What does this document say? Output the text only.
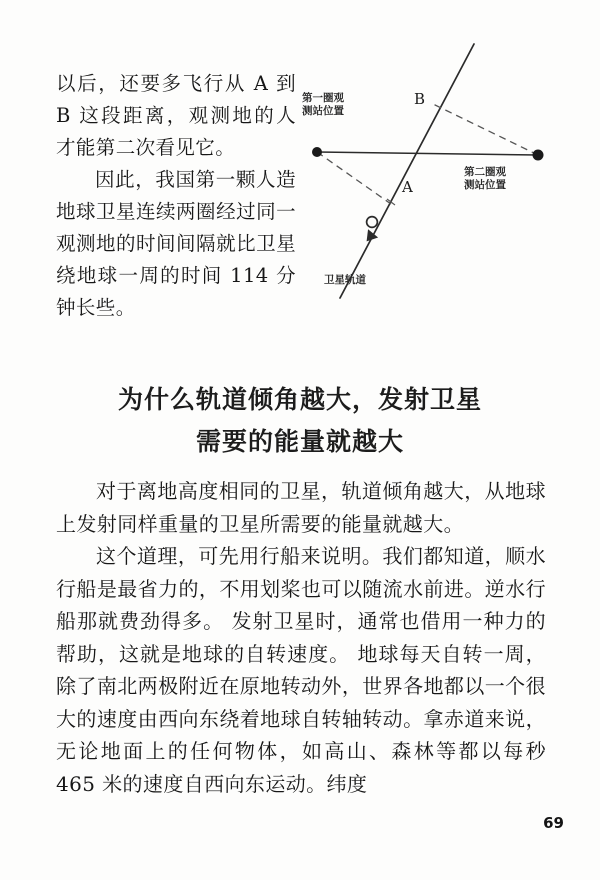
以后，还要多飞行从 A 到 B 这段距离，观测地的人才能第二次看见它。

因此，我国第一颗人造地球卫星连续两圈经过同一观测地的时间间隔就比卫星绕地球一周的时间 114 分钟长些。

第一圈观
测站位置
第二圈观
测站位置
卫星轨道
B
A
为什么轨道倾角越大，发射卫星
需要的能量就越大

对于离地高度相同的卫星，轨道倾角越大，从地球上发射同样重量的卫星所需要的能量就越大。

这个道理，可先用行船来说明。我们都知道，顺水行船是最省力的，不用划桨也可以随流水前进。逆水行船那就费劲得多。 发射卫星时，通常也借用一种力的帮助，这就是地球的自转速度。 地球每天自转一周，除了南北两极附近在原地转动外，世界各地都以一个很大的速度由西向东绕着地球自转轴转动。拿赤道来说，无论地面上的任何物体，如高山、森林等都以每秒 465 米的速度自西向东运动。纬度

69
